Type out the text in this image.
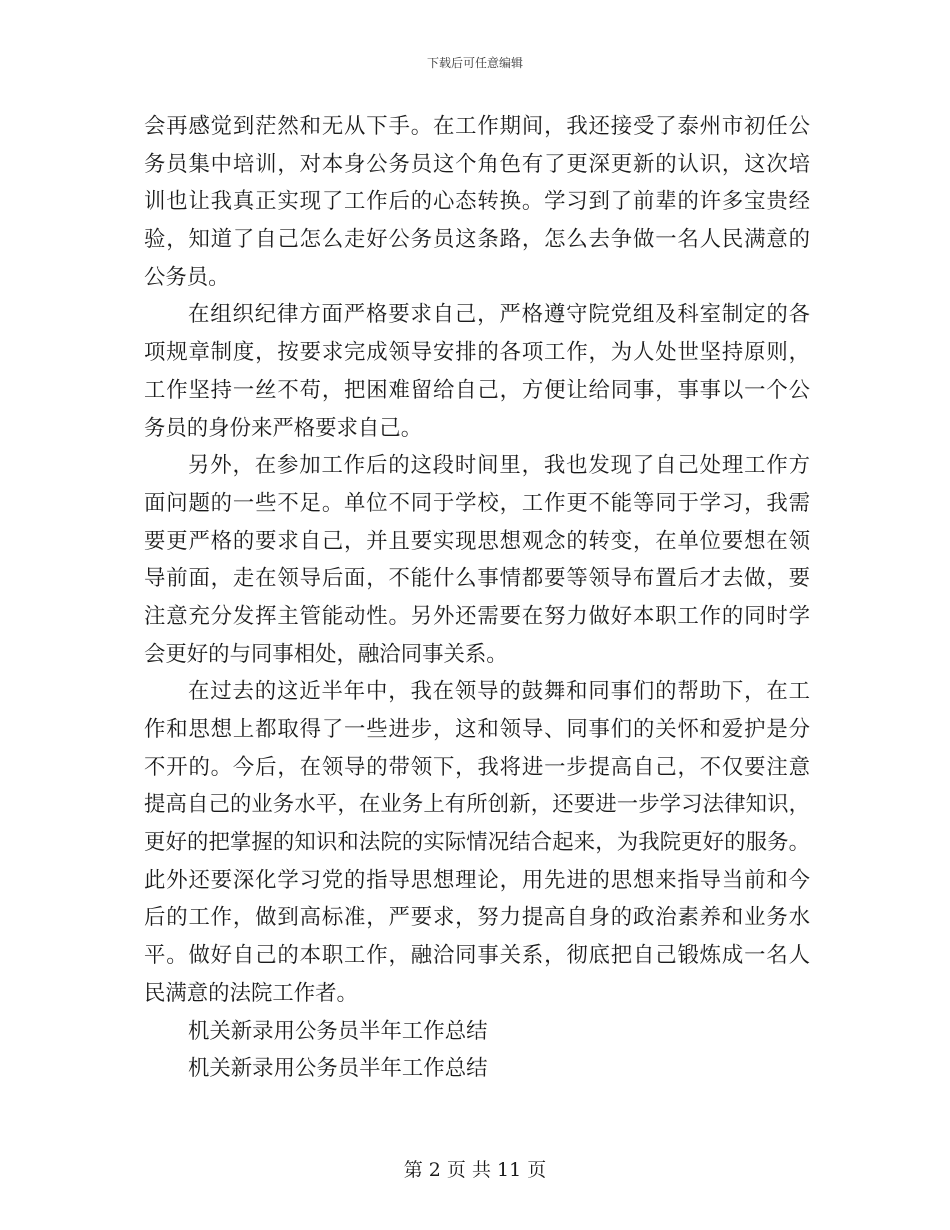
下载后可任意编辑
会再感觉到茫然和无从下手。在工作期间，我还接受了泰州市初任公
务员集中培训，对本身公务员这个角色有了更深更新的认识，这次培
训也让我真正实现了工作后的心态转换。学习到了前辈的许多宝贵经
验，知道了自己怎么走好公务员这条路，怎么去争做一名人民满意的
公务员。
在组织纪律方面严格要求自己，严格遵守院党组及科室制定的各
项规章制度，按要求完成领导安排的各项工作，为人处世坚持原则，
工作坚持一丝不苟，把困难留给自己，方便让给同事，事事以一个公
务员的身份来严格要求自己。
另外，在参加工作后的这段时间里，我也发现了自己处理工作方
面问题的一些不足。单位不同于学校，工作更不能等同于学习，我需
要更严格的要求自己，并且要实现思想观念的转变，在单位要想在领
导前面，走在领导后面，不能什么事情都要等领导布置后才去做，要
注意充分发挥主管能动性。另外还需要在努力做好本职工作的同时学
会更好的与同事相处，融洽同事关系。
在过去的这近半年中，我在领导的鼓舞和同事们的帮助下，在工
作和思想上都取得了一些进步，这和领导、同事们的关怀和爱护是分
不开的。今后，在领导的带领下，我将进一步提高自己，不仅要注意
提高自己的业务水平，在业务上有所创新，还要进一步学习法律知识，
更好的把掌握的知识和法院的实际情况结合起来，为我院更好的服务。
此外还要深化学习党的指导思想理论，用先进的思想来指导当前和今
后的工作，做到高标准，严要求，努力提高自身的政治素养和业务水
平。做好自己的本职工作，融洽同事关系，彻底把自己锻炼成一名人
民满意的法院工作者。
机关新录用公务员半年工作总结
机关新录用公务员半年工作总结
第 2 页 共 11 页
